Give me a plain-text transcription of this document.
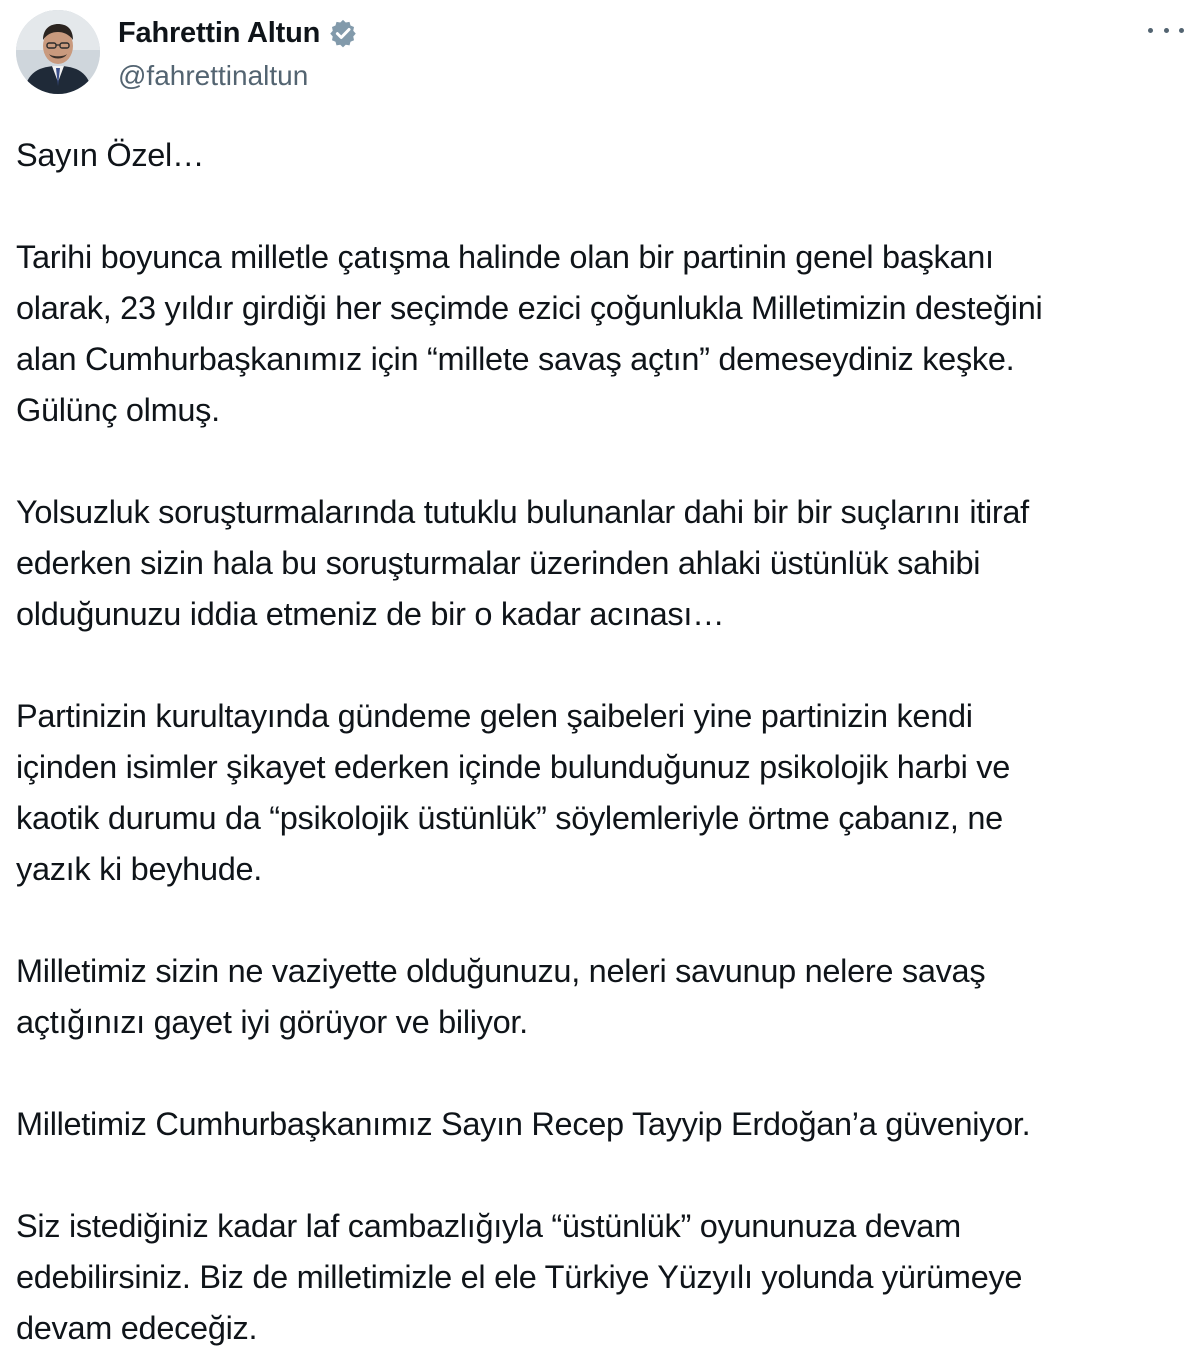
Fahrettin Altun
@fahrettinaltun

Sayın Özel…

Tarihi boyunca milletle çatışma halinde olan bir partinin genel başkanı
olarak, 23 yıldır girdiği her seçimde ezici çoğunlukla Milletimizin desteğini
alan Cumhurbaşkanımız için “millete savaş açtın” demeseydiniz keşke.
Gülünç olmuş.

Yolsuzluk soruşturmalarında tutuklu bulunanlar dahi bir bir suçlarını itiraf
ederken sizin hala bu soruşturmalar üzerinden ahlaki üstünlük sahibi
olduğunuzu iddia etmeniz de bir o kadar acınası…

Partinizin kurultayında gündeme gelen şaibeleri yine partinizin kendi
içinden isimler şikayet ederken içinde bulunduğunuz psikolojik harbi ve
kaotik durumu da “psikolojik üstünlük” söylemleriyle örtme çabanız, ne
yazık ki beyhude.

Milletimiz sizin ne vaziyette olduğunuzu, neleri savunup nelere savaş
açtığınızı gayet iyi görüyor ve biliyor.

Milletimiz Cumhurbaşkanımız Sayın Recep Tayyip Erdoğan’a güveniyor.

Siz istediğiniz kadar laf cambazlığıyla “üstünlük” oyununuza devam
edebilirsiniz. Biz de milletimizle el ele Türkiye Yüzyılı yolunda yürümeye
devam edeceğiz.
